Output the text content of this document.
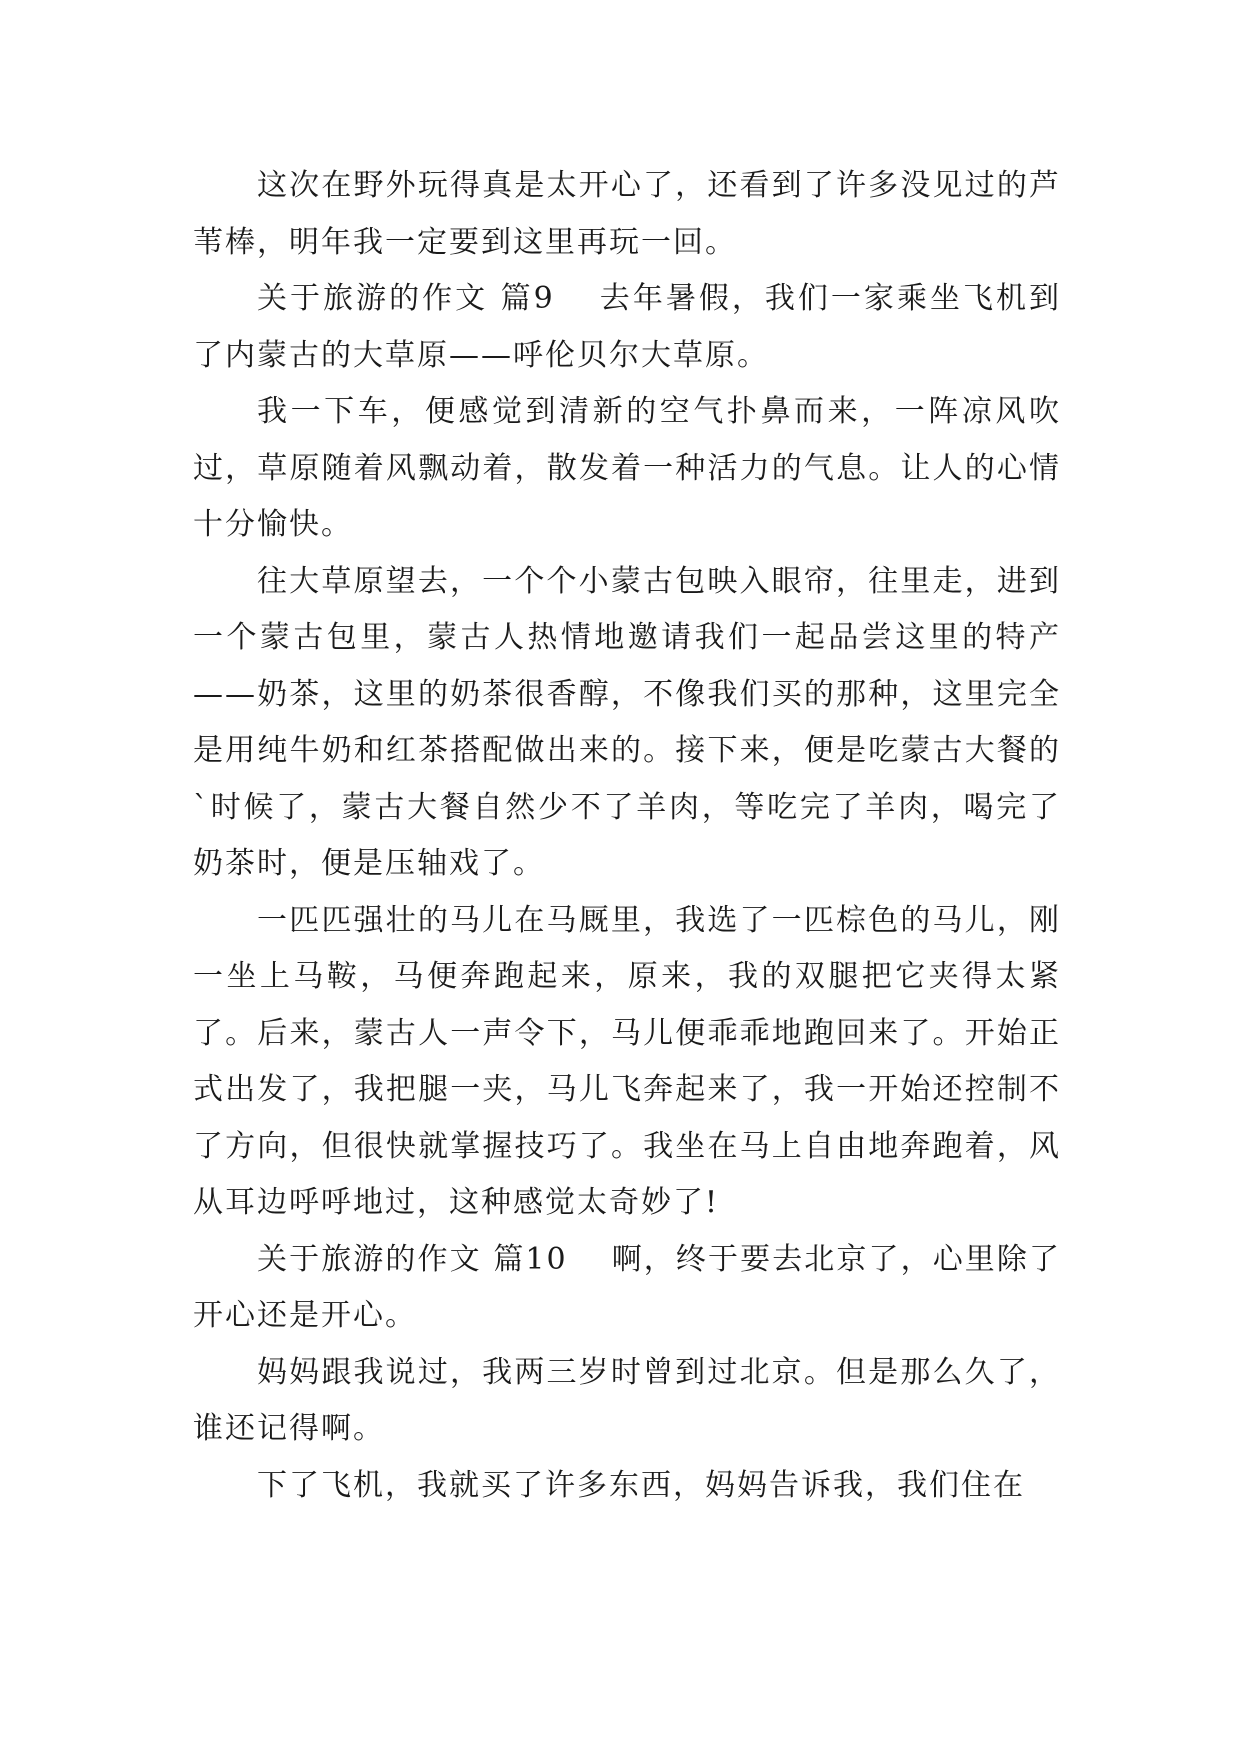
这次在野外玩得真是太开心了，还看到了许多没见过的芦苇棒，明年我一定要到这里再玩一回。

关于旅游的作文 篇9 去年暑假，我们一家乘坐飞机到了内蒙古的大草原——呼伦贝尔大草原。

我一下车，便感觉到清新的空气扑鼻而来，一阵凉风吹过，草原随着风飘动着，散发着一种活力的气息。让人的心情十分愉快。

往大草原望去，一个个小蒙古包映入眼帘，往里走，进到一个蒙古包里，蒙古人热情地邀请我们一起品尝这里的特产——奶茶，这里的奶茶很香醇，不像我们买的那种，这里完全是用纯牛奶和红茶搭配做出来的。接下来，便是吃蒙古大餐的`时候了，蒙古大餐自然少不了羊肉，等吃完了羊肉，喝完了奶茶时，便是压轴戏了。

一匹匹强壮的马儿在马厩里，我选了一匹棕色的马儿，刚一坐上马鞍，马便奔跑起来，原来，我的双腿把它夹得太紧了。后来，蒙古人一声令下，马儿便乖乖地跑回来了。开始正式出发了，我把腿一夹，马儿飞奔起来了，我一开始还控制不了方向，但很快就掌握技巧了。我坐在马上自由地奔跑着，风从耳边呼呼地过，这种感觉太奇妙了!

关于旅游的作文 篇10 啊，终于要去北京了，心里除了开心还是开心。

妈妈跟我说过，我两三岁时曾到过北京。但是那么久了，谁还记得啊。

下了飞机，我就买了许多东西，妈妈告诉我，我们住在
